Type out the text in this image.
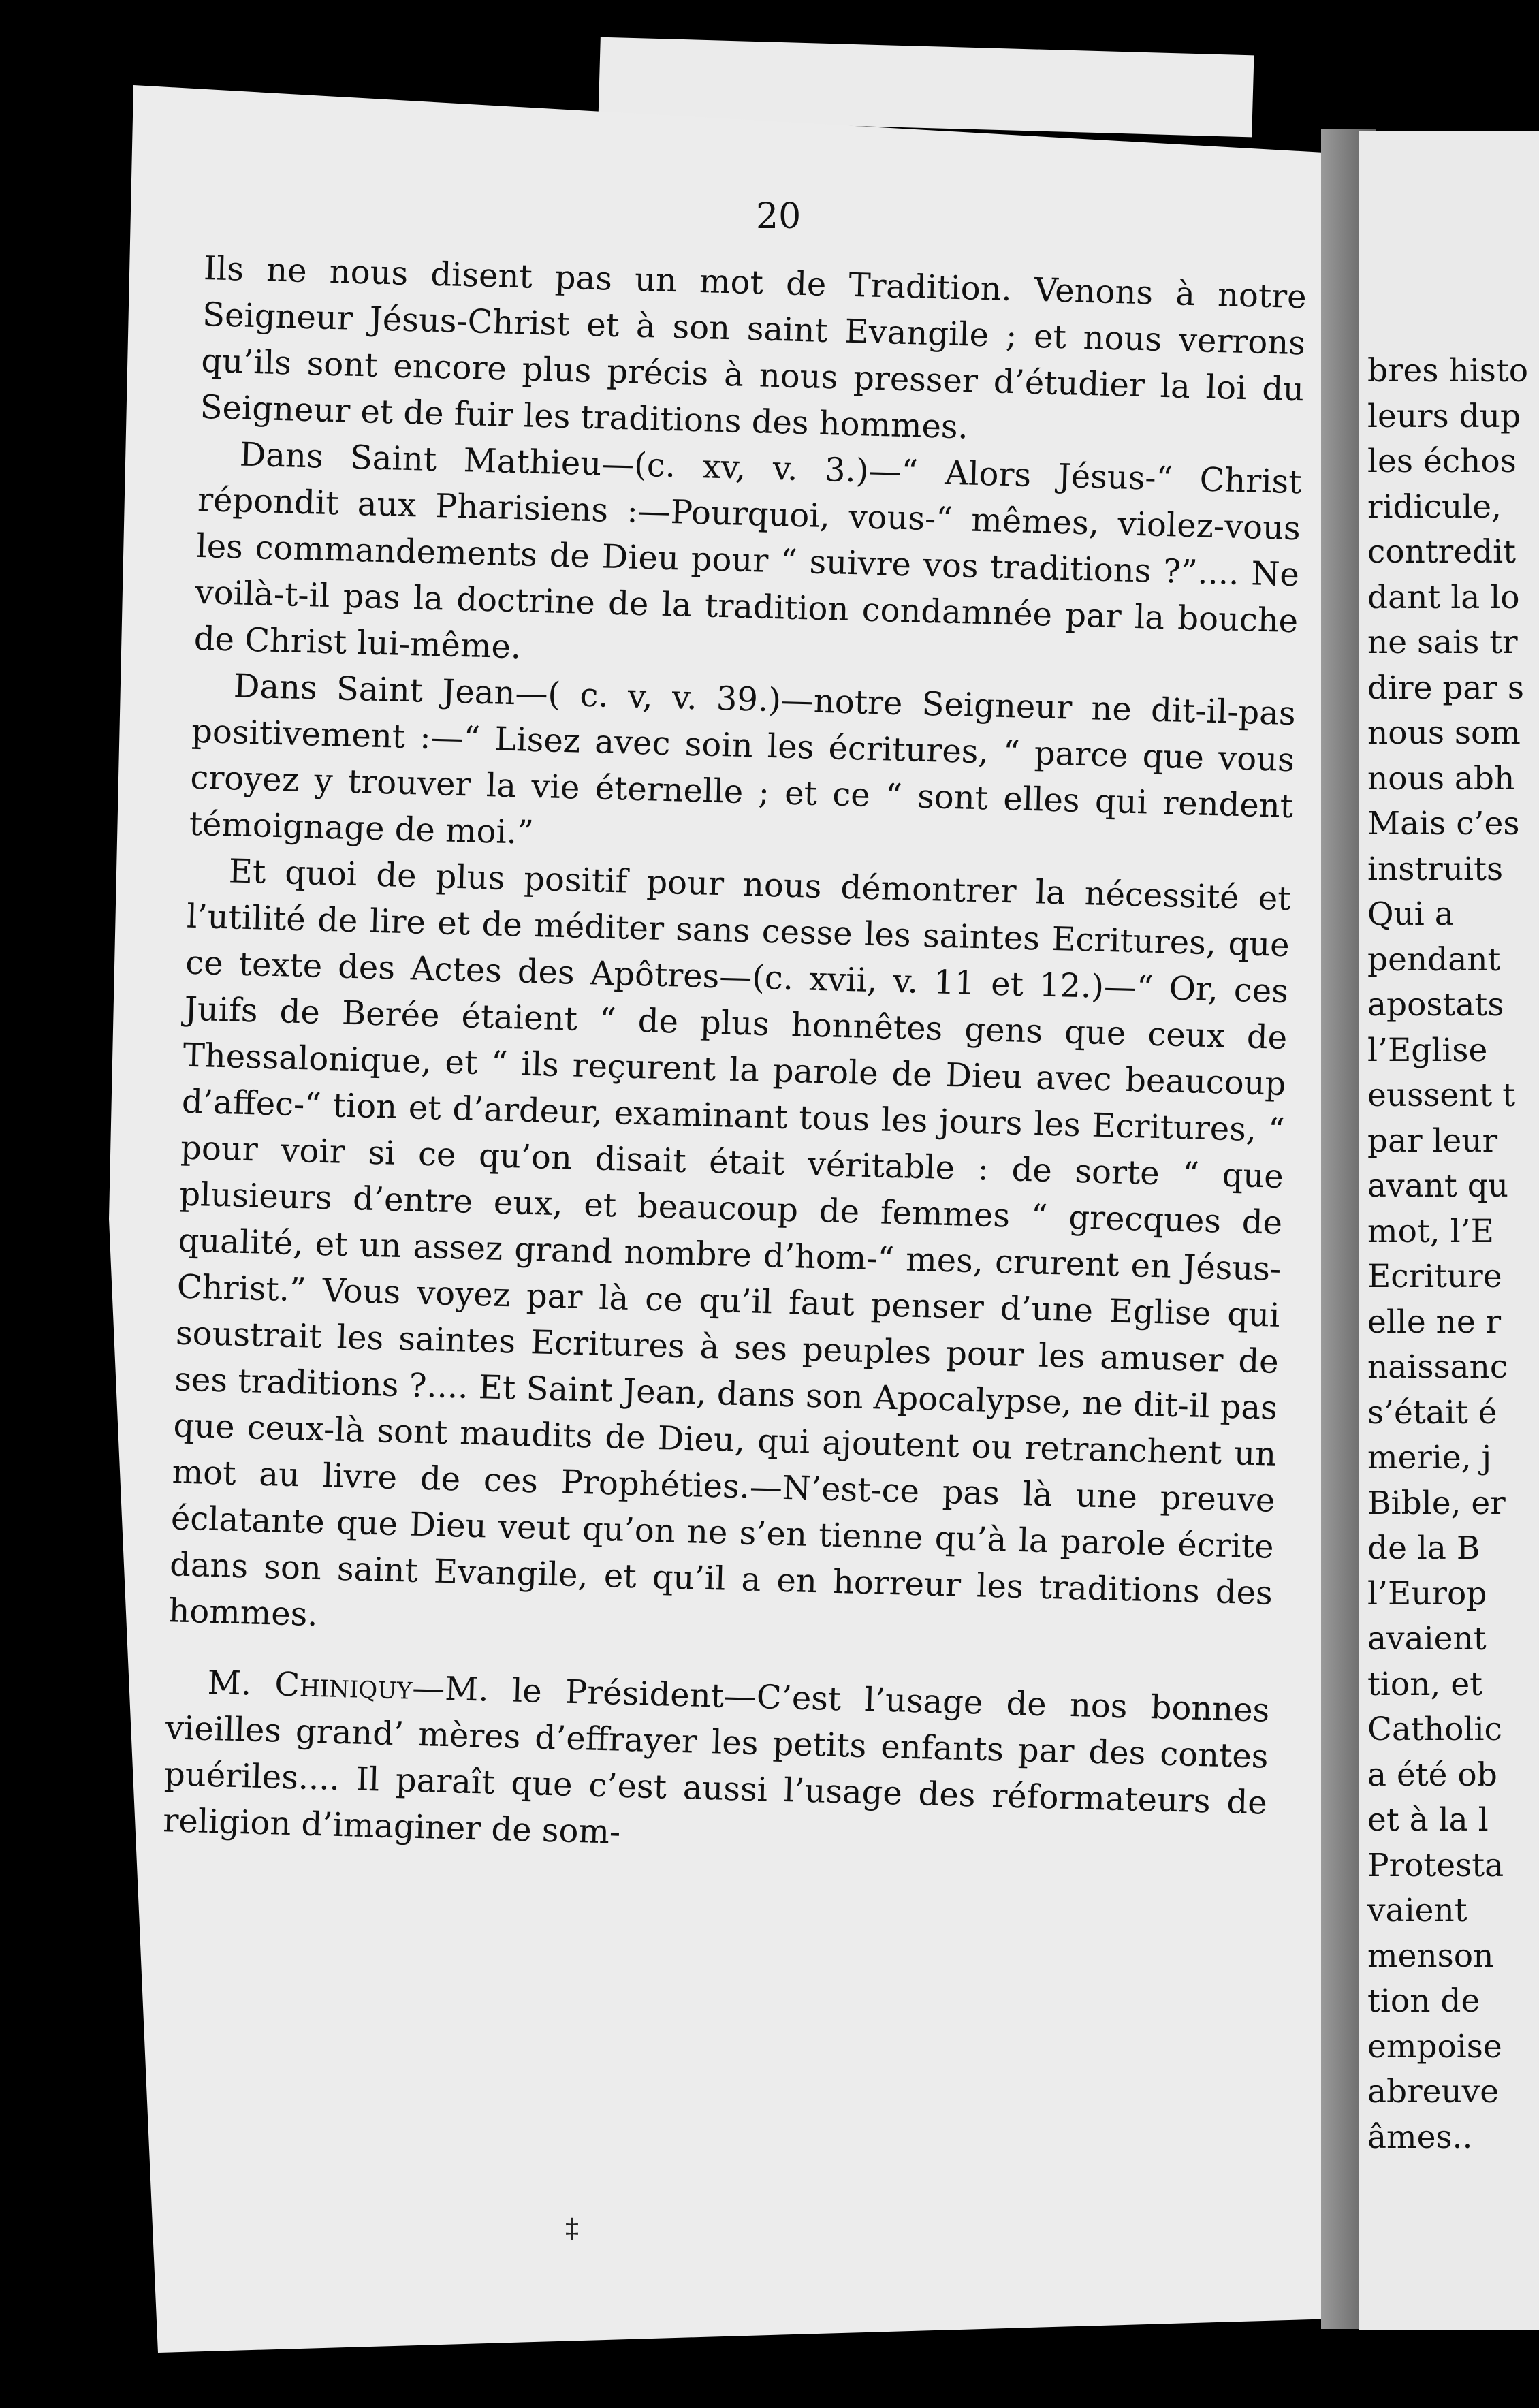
20

Ils ne nous disent pas un mot de Tradition. Venons à notre Seigneur Jésus-Christ et à son saint Evangile ; et nous verrons qu’ils sont encore plus précis à nous presser d’étudier la loi du Seigneur et de fuir les traditions des hommes.

Dans Saint Mathieu—(c. xv, v. 3.)—“ Alors Jésus-“ Christ répondit aux Pharisiens :—Pourquoi, vous-“ mêmes, violez-vous les commandements de Dieu pour “ suivre vos traditions ?”.... Ne voilà-t-il pas la doctrine de la tradition condamnée par la bouche de Christ lui-même.

Dans Saint Jean—( c. v, v. 39.)—notre Seigneur ne dit-il-pas positivement :—“ Lisez avec soin les écritures, “ parce que vous croyez y trouver la vie éternelle ; et ce “ sont elles qui rendent témoignage de moi.”

Et quoi de plus positif pour nous démontrer la nécessité et l’utilité de lire et de méditer sans cesse les saintes Ecritures, que ce texte des Actes des Apôtres—(c. xvii, v. 11 et 12.)—“ Or, ces Juifs de Berée étaient “ de plus honnêtes gens que ceux de Thessalonique, et “ ils reçurent la parole de Dieu avec beaucoup d’affec-“ tion et d’ardeur, examinant tous les jours les Ecritures, “ pour voir si ce qu’on disait était véritable : de sorte “ que plusieurs d’entre eux, et beaucoup de femmes “ grecques de qualité, et un assez grand nombre d’hom-“ mes, crurent en Jésus-Christ.” Vous voyez par là ce qu’il faut penser d’une Eglise qui soustrait les saintes Ecritures à ses peuples pour les amuser de ses traditions ?.... Et Saint Jean, dans son Apocalypse, ne dit-il pas que ceux-là sont maudits de Dieu, qui ajoutent ou retranchent un mot au livre de ces Prophéties.—N’est-ce pas là une preuve éclatante que Dieu veut qu’on ne s’en tienne qu’à la parole écrite dans son saint Evangile, et qu’il a en horreur les traditions des hommes.

M. Chiniquy—M. le Président—C’est l’usage de nos bonnes vieilles grand’ mères d’effrayer les petits enfants par des contes puériles.... Il paraît que c’est aussi l’usage des réformateurs de religion d’imaginer de som-

bres histo
leurs dup
les échos
ridicule,
contredit
dant la lo
ne sais tr
dire par s
nous som
nous abh
Mais c’es
instruits
Qui a
pendant
apostats
l’Eglise
eussent t
par leur
avant qu
mot, l’E
Ecriture
elle ne r
naissanc
s’était é
merie, j
Bible, er
de la B
l’Europ
avaient
tion, et
Catholic
a été ob
et à la l
Protesta
vaient
menson
tion de
empoise
abreuve
âmes..
‡
